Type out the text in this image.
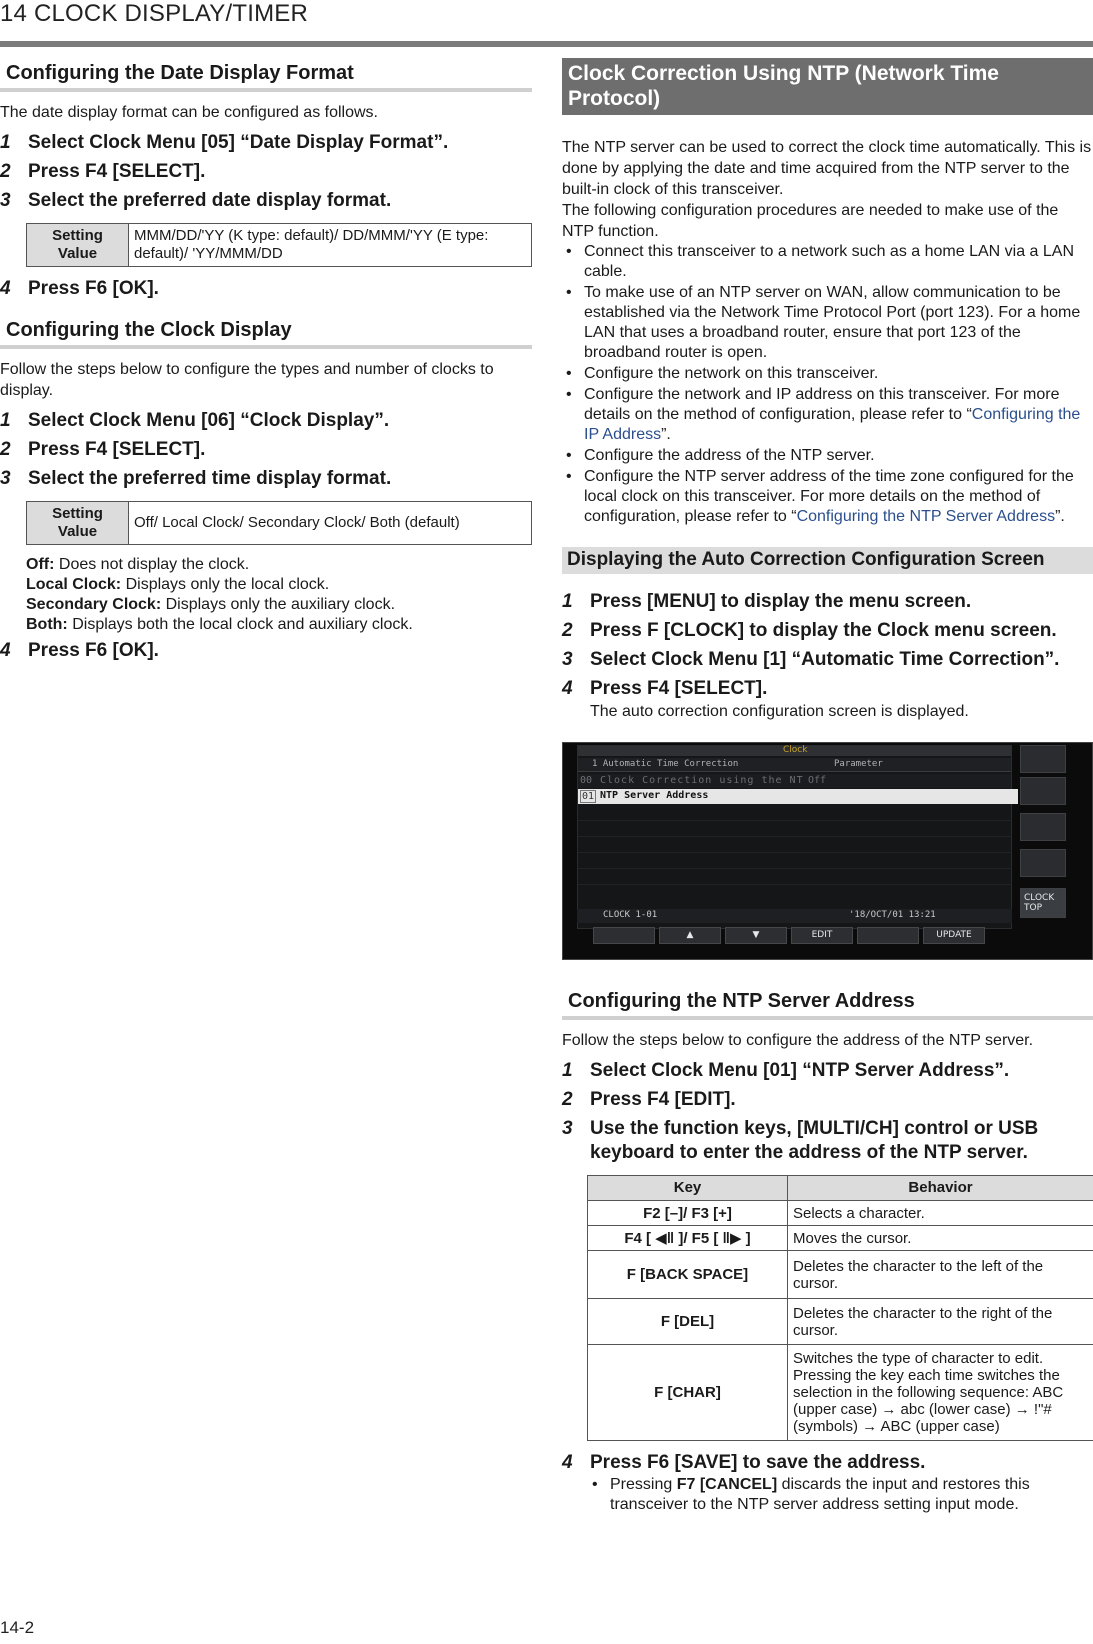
14 CLOCK DISPLAY/TIMER
Configuring the Date Display Format

The date display format can be configured as follows.

1 Select Clock Menu [05] “Date Display Format”.
2 Press F4 [SELECT].
3 Select the preferred date display format.
Setting
Value	MMM/DD/'YY (K type: default)/ DD/MMM/'YY (E type: default)/ 'YY/MMM/DD
4 Press F6 [OK].
Configuring the Clock Display

Follow the steps below to configure the types and number of clocks to display.

1 Select Clock Menu [06] “Clock Display”.
2 Press F4 [SELECT].
3 Select the preferred time display format.
Setting
Value	Off/ Local Clock/ Secondary Clock/ Both (default)
Off: Does not display the clock.
Local Clock: Displays only the local clock.
Secondary Clock: Displays only the auxiliary clock.
Both: Displays both the local clock and auxiliary clock.
4 Press F6 [OK].
Clock Correction Using NTP (Network Time Protocol)

The NTP server can be used to correct the clock time automatically. This is done by applying the date and time acquired from the NTP server to the built-in clock of this transceiver.

The following configuration procedures are needed to make use of the NTP function.

• Connect this transceiver to a network such as a home LAN via a LAN cable.
• To make use of an NTP server on WAN, allow communication to be established via the Network Time Protocol Port (port 123). For a home LAN that uses a broadband router, ensure that port 123 of the broadband router is open.
• Configure the network on this transceiver.
• Configure the network and IP address on this transceiver. For more details on the method of configuration, please refer to “Configuring the IP Address”.
• Configure the address of the NTP server.
• Configure the NTP server address of the time zone configured for the local clock on this transceiver. For more details on the method of configuration, please refer to “Configuring the NTP Server Address”.
Displaying the Auto Correction Configuration Screen
1 Press [MENU] to display the menu screen.
2 Press F [CLOCK] to display the Clock menu screen.
3 Select Clock Menu [1] “Automatic Time Correction”.
4 Press F4 [SELECT].
The auto correction configuration screen is displayed.
Clock
1 Automatic Time Correction	Parameter
00 Clock Correction using the NT Off
01 NTP Server Address
CLOCK 1-01	'18/OCT/01 13:21
CLOCK
TOP
▲	▼	EDIT	UPDATE
Configuring the NTP Server Address

Follow the steps below to configure the address of the NTP server.

1 Select Clock Menu [01] “NTP Server Address”.
2 Press F4 [EDIT].
3 Use the function keys, [MULTI/CH] control or USB keyboard to enter the address of the NTP server.
Key	Behavior
F2 [–]/ F3 [+]	Selects a character.
F4 [ ◀‖ ]/ F5 [ ‖▶ ]	Moves the cursor.
F [BACK SPACE]	Deletes the character to the left of the cursor.
F [DEL]	Deletes the character to the right of the cursor.
F [CHAR]	Switches the type of character to edit. Pressing the key each time switches the selection in the following sequence: ABC (upper case) → abc (lower case) → !"# (symbols) → ABC (upper case)
4 Press F6 [SAVE] to save the address.
• Pressing F7 [CANCEL] discards the input and restores this transceiver to the NTP server address setting input mode.
14-2
